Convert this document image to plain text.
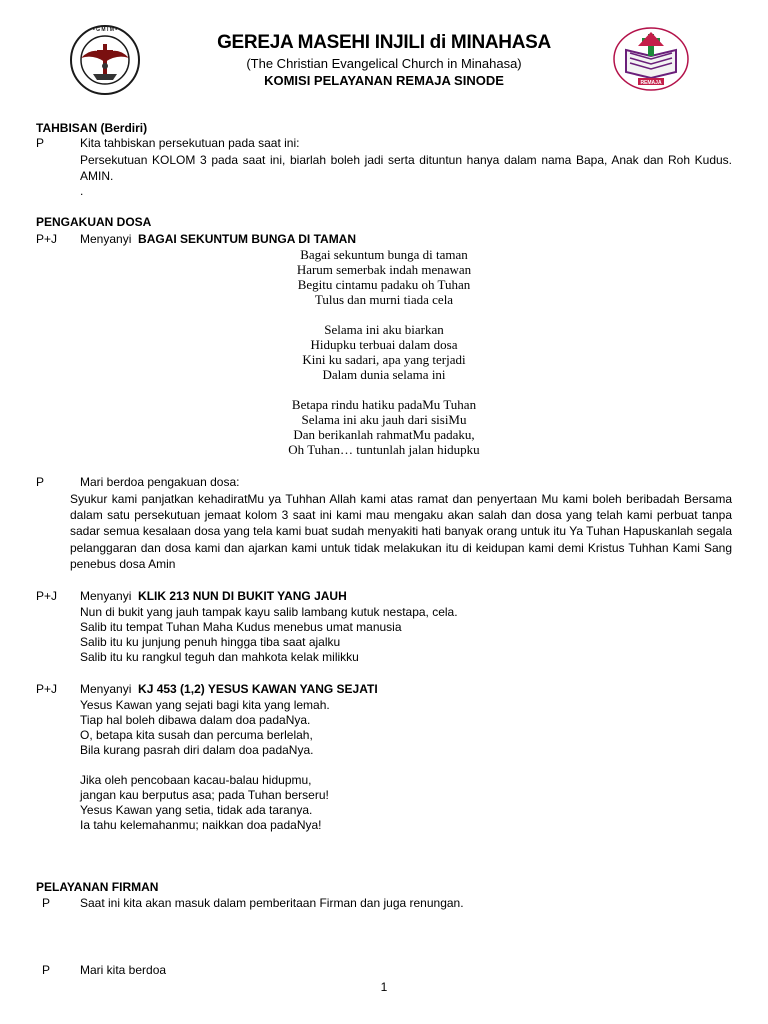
• G M I M •
GEREJA MASEHI INJILI di MINAHASA
(The Christian Evangelical Church in Minahasa)
KOMISI PELAYANAN REMAJA SINODE	REMAJA
TAHBISAN (Berdiri)
P	Kita tahbiskan persekutuan pada saat ini:
Persekutuan KOLOM 3 pada saat ini, biarlah boleh jadi serta dituntun hanya dalam nama Bapa, Anak dan Roh Kudus. AMIN.
.
PENGAKUAN DOSA
P+J Menyanyi BAGAI SEKUNTUM BUNGA DI TAMAN
Bagai sekuntum bunga di taman
Harum semerbak indah menawan
Begitu cintamu padaku oh Tuhan
Tulus dan murni tiada cela
Selama ini aku biarkan
Hidupku terbuai dalam dosa
Kini ku sadari, apa yang terjadi
Dalam dunia selama ini
Betapa rindu hatiku padaMu Tuhan
Selama ini aku jauh dari sisiMu
Dan berikanlah rahmatMu padaku,
Oh Tuhan… tuntunlah jalan hidupku
P	Mari berdoa pengakuan dosa:
Syukur kami panjatkan kehadiratMu ya Tuhhan Allah kami atas ramat dan penyertaan Mu kami boleh beribadah Bersama dalam satu persekutuan jemaat kolom 3 saat ini kami mau mengaku akan salah dan dosa yang telah kami perbuat tanpa sadar semua kesalaan dosa yang tela kami buat sudah menyakiti hati banyak orang untuk itu Ya Tuhan Hapuskanlah segala pelanggaran dan dosa kami dan ajarkan kami untuk tidak melakukan itu di keidupan kami demi Kristus Tuhhan Kami Sang penebus dosa Amin
P+J Menyanyi KLIK 213 NUN DI BUKIT YANG JAUH
Nun di bukit yang jauh tampak kayu salib lambang kutuk nestapa, cela.
Salib itu tempat Tuhan Maha Kudus menebus umat manusia
Salib itu ku junjung penuh hingga tiba saat ajalku
Salib itu ku rangkul teguh dan mahkota kelak milikku
P+J Menyanyi KJ 453 (1,2) YESUS KAWAN YANG SEJATI
Yesus Kawan yang sejati bagi kita yang lemah.
Tiap hal boleh dibawa dalam doa padaNya.
O, betapa kita susah dan percuma berlelah,
Bila kurang pasrah diri dalam doa padaNya.
Jika oleh pencobaan kacau-balau hidupmu,
jangan kau berputus asa; pada Tuhan berseru!
Yesus Kawan yang setia, tidak ada taranya.
Ia tahu kelemahanmu; naikkan doa padaNya!
PELAYANAN FIRMAN
P Saat ini kita akan masuk dalam pemberitaan Firman dan juga renungan.
P Mari kita berdoa
1
